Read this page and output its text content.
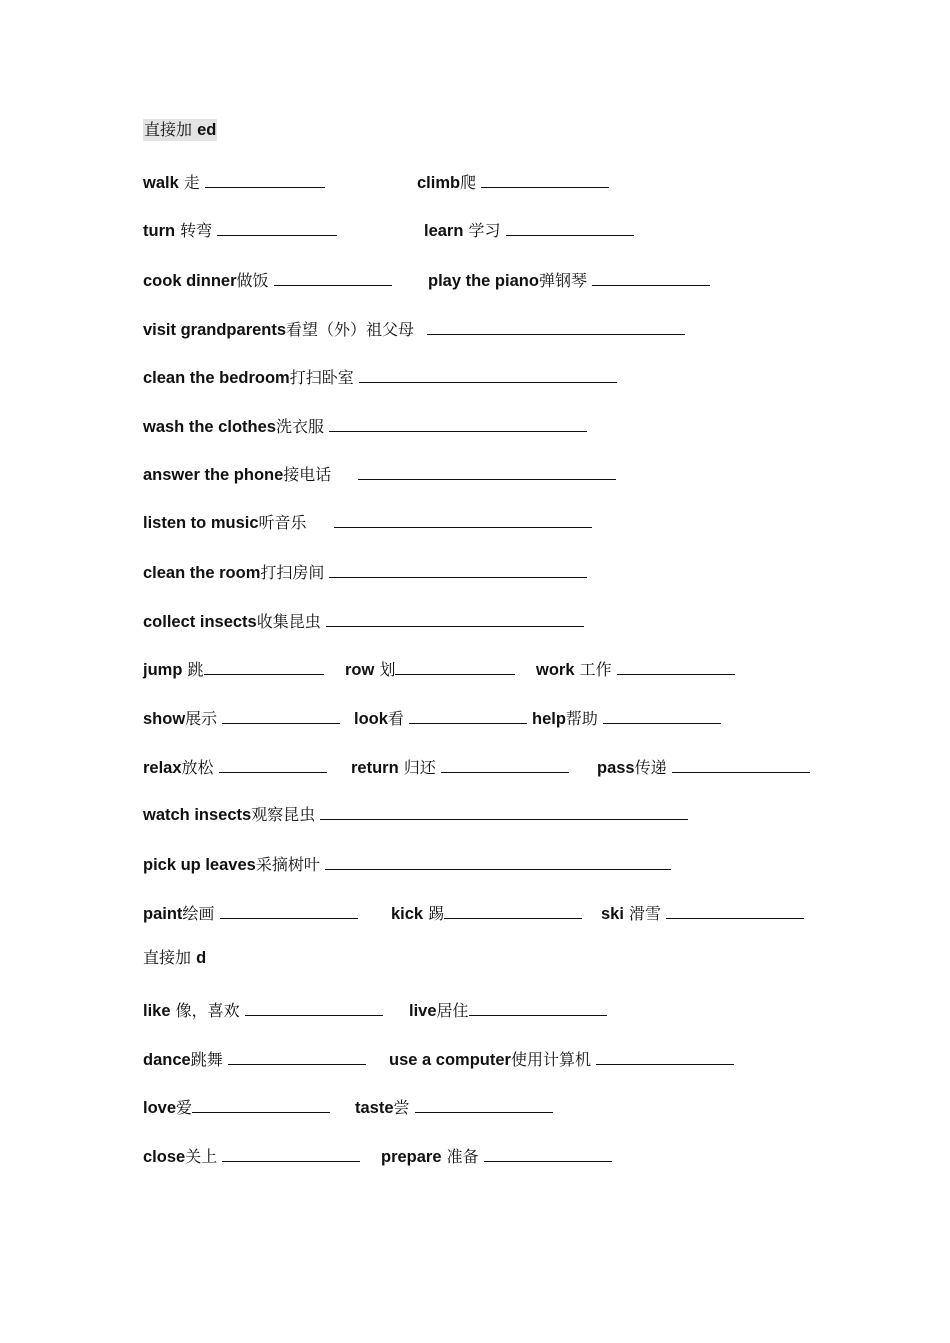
直接加 ed
walk 走	climb爬
turn 转弯	learn 学习
cook dinner做饭	play the piano弹钢琴
visit grandparents看望（外）祖父母
clean the bedroom打扫卧室
wash the clothes洗衣服
answer the phone接电话
listen to music听音乐
clean the room打扫房间
collect insects收集昆虫
jump 跳	row 划	work 工作
show展示	look看	help帮助
relax放松	return 归还	pass传递
watch insects观察昆虫
pick up leaves采摘树叶
paint绘画	kick 踢	ski 滑雪
直接加 d
like 像，喜欢	live居住
dance跳舞	use a computer使用计算机
love爱	taste尝
close关上	prepare 准备
